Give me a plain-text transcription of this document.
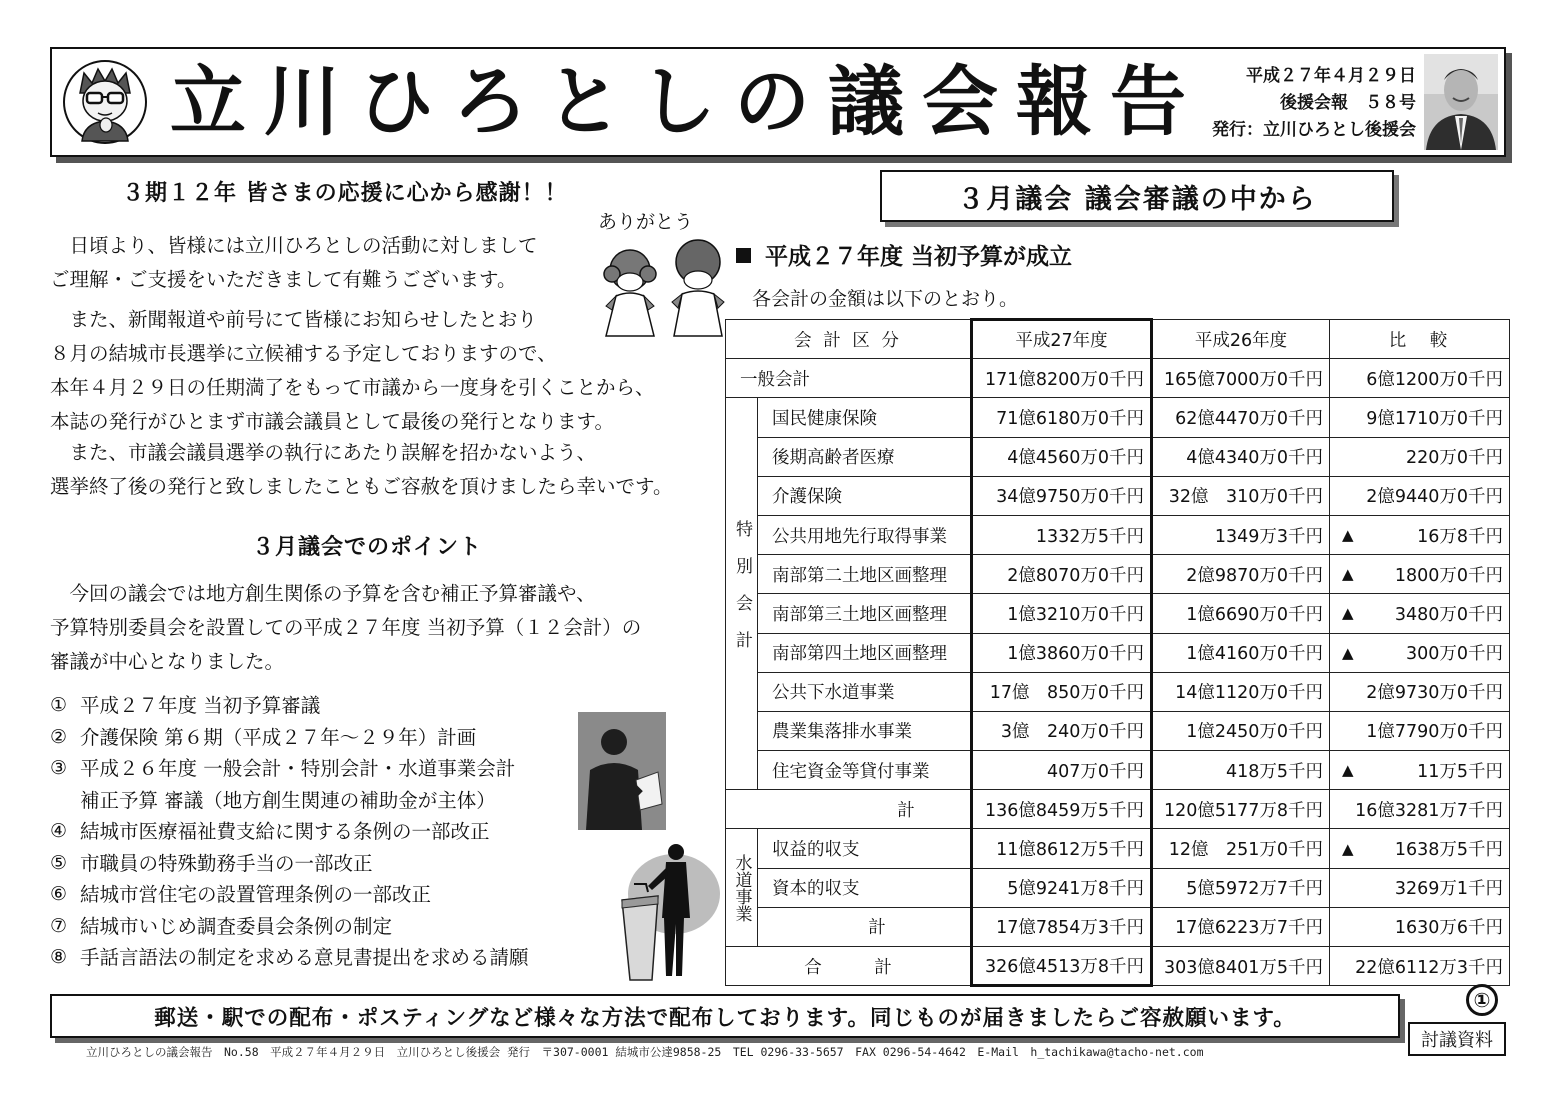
立川ひろとしの議会報告	平成２７年４月２９日
後援会報　５８号
発行：立川ひろとし後援会
３期１２年 皆さまの応援に心から感謝！！
ありがとう
　日頃より、皆様には立川ひろとしの活動に対しまして
ご理解・ご支援をいただきまして有難うございます。
　また、新聞報道や前号にて皆様にお知らせしたとおり
８月の結城市長選挙に立候補する予定しておりますので、
本年４月２９日の任期満了をもって市議から一度身を引くことから、
本誌の発行がひとまず市議会議員として最後の発行となります。
　また、市議会議員選挙の執行にあたり誤解を招かないよう、
選挙終了後の発行と致しましたこともご容赦を頂けましたら幸いです。
３月議会でのポイント
　今回の議会では地方創生関係の予算を含む補正予算審議や、
予算特別委員会を設置しての平成２７年度 当初予算（１２会計）の
審議が中心となりました。
① 平成２７年度 当初予算審議
② 介護保険 第６期（平成２７年～２９年）計画
③ 平成２６年度 一般会計・特別会計・水道事業会計
補正予算 審議（地方創生関連の補助金が主体）
④ 結城市医療福祉費支給に関する条例の一部改正
⑤ 市職員の特殊勤務手当の一部改正
⑥ 結城市営住宅の設置管理条例の一部改正
⑦ 結城市いじめ調査委員会条例の制定
⑧ 手話言語法の制定を求める意見書提出を求める請願
３月議会 議会審議の中から
平成２７年度 当初予算が成立
各会計の金額は以下のとおり。
会 計 区 分		平成27年度	平成26年度	比　較
一般会計		171億8200万0千円	165億7000万0千円	6億1200万0千円
特別会計	国民健康保険	71億6180万0千円	62億4470万0千円	9億1710万0千円
	後期高齢者医療	4億4560万0千円	4億4340万0千円	220万0千円
	介護保険	34億9750万0千円	32億　310万0千円	2億9440万0千円
	公共用地先行取得事業	1332万5千円	1349万3千円	▲ 16万8千円

	南部第二土地区画整理	2億8070万0千円	2億9870万0千円	▲ 1800万0千円

	南部第三土地区画整理	1億3210万0千円	1億6690万0千円	▲ 3480万0千円

	南部第四土地区画整理	1億3860万0千円	1億4160万0千円	▲ 300万0千円

	公共下水道事業	17億　850万0千円	14億1120万0千円	2億9730万0千円
	農業集落排水事業	3億　240万0千円	1億2450万0千円	1億7790万0千円
	住宅資金等貸付事業	407万0千円	418万5千円	▲ 11万5千円

計		136億8459万5千円	120億5177万8千円	16億3281万7千円
水道事業	収益的収支	11億8612万5千円	12億　251万0千円	▲ 1638万5千円

	資本的収支	5億9241万8千円	5億5972万7千円	3269万1千円
	計	17億7854万3千円	17億6223万7千円	1630万6千円
合　　　計		326億4513万8千円	303億8401万5千円	22億6112万3千円
郵送・駅での配布・ポスティングなど様々な方法で配布しております。同じものが届きましたらご容赦願います。
立川ひろとしの議会報告　No.58　平成２７年４月２９日　立川ひろとし後援会 発行　〒307-0001 結城市公達9858-25　TEL 0296-33-5657　FAX 0296-54-4642　E-Mail　h_tachikawa@tacho-net.com
①
討議資料
